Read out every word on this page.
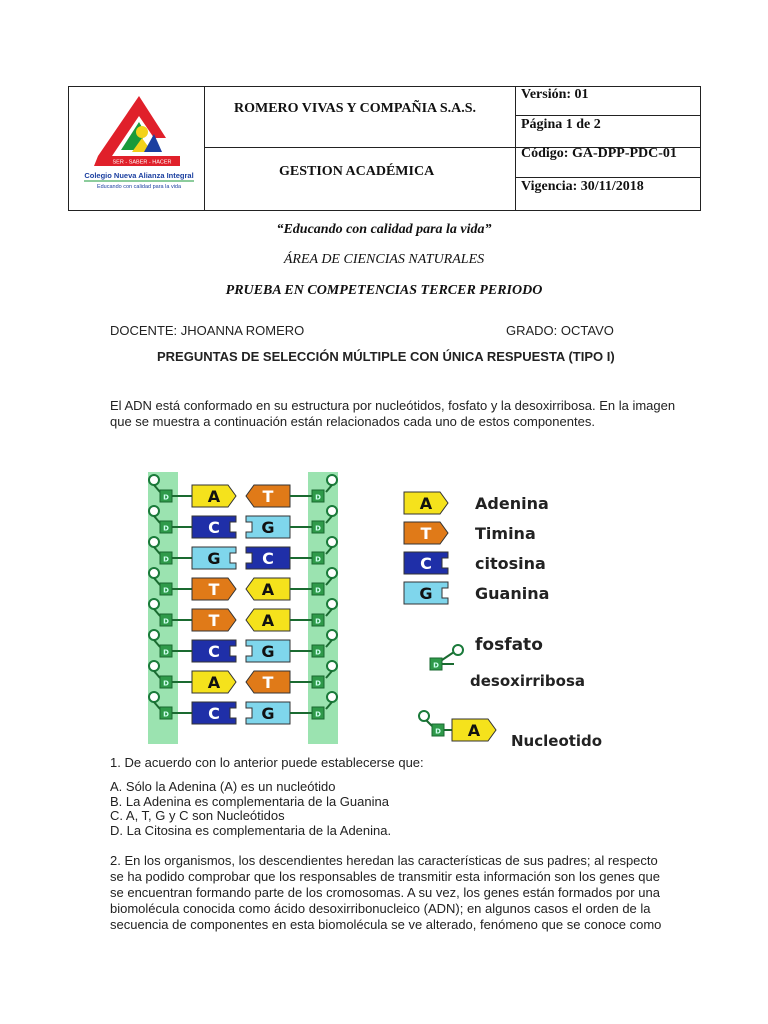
SER - SABER - HACER
Colegio Nueva Alianza Integral
Educando con calidad para la vida
ROMERO VIVAS Y COMPAÑIA S.A.S.
GESTION ACADÉMICA
Versión: 01
Página 1 de 2
Código: GA-DPP-PDC-01
Vigencia: 30/11/2018
“Educando con calidad para la vida”
ÁREA DE CIENCIAS NATURALES
PRUEBA EN COMPETENCIAS TERCER PERIODO
DOCENTE: JHOANNA ROMERO	GRADO: OCTAVO
PREGUNTAS DE SELECCIÓN MÚLTIPLE CON ÚNICA RESPUESTA (TIPO I)
El ADN está conformado en su estructura por nucleótidos, fosfato y la desoxirribosa. En la imagen
que se muestra a continuación están relacionados cada uno de estos componentes.
D A	T	D
D C	G	D
D G	C	D
D T	A	D
D T	A	D
D C	G	D
D A	T	D
D C	G	D
A	Adenina
T	Timina
C	citosina
G	Guanina
D
fosfato
desoxirribosa
D A
Nucleotido
1. De acuerdo con lo anterior puede establecerse que:
A. Sólo la Adenina (A) es un nucleótido
B. La Adenina es complementaria de la Guanina
C. A, T, G y C son Nucleótidos
D. La Citosina es complementaria de la Adenina.
2. En los organismos, los descendientes heredan las características de sus padres; al respecto
se ha podido comprobar que los responsables de transmitir esta información son los genes que
se encuentran formando parte de los cromosomas. A su vez, los genes están formados por una
biomolécula conocida como ácido desoxirribonucleico (ADN); en algunos casos el orden de la
secuencia de componentes en esta biomolécula se ve alterado, fenómeno que se conoce como
